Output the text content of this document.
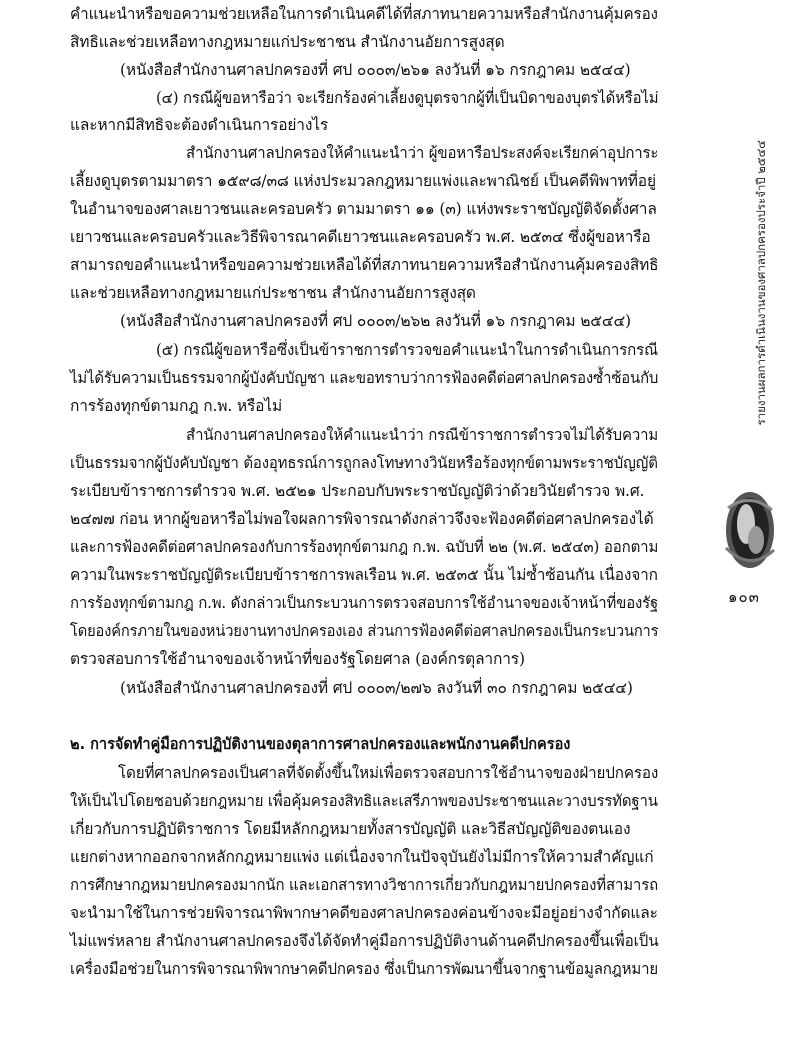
คำแนะนำหรือขอความช่วยเหลือในการดำเนินคดีได้ที่สภาทนายความหรือสำนักงานคุ้มครอง
สิทธิและช่วยเหลือทางกฎหมายแก่ประชาชน สำนักงานอัยการสูงสุด
(หนังสือสำนักงานศาลปกครองที่ ศป ๐๐๐๓/๒๖๑ ลงวันที่ ๑๖ กรกฎาคม ๒๕๔๔)
(๔) กรณีผู้ขอหารือว่า จะเรียกร้องค่าเลี้ยงดูบุตรจากผู้ที่เป็นบิดาของบุตรได้หรือไม่
และหากมีสิทธิจะต้องดำเนินการอย่างไร
สำนักงานศาลปกครองให้คำแนะนำว่า ผู้ขอหารือประสงค์จะเรียกค่าอุปการะ
เลี้ยงดูบุตรตามมาตรา ๑๕๙๘/๓๘ แห่งประมวลกฎหมายแพ่งและพาณิชย์ เป็นคดีพิพาทที่อยู่
ในอำนาจของศาลเยาวชนและครอบครัว ตามมาตรา ๑๑ (๓) แห่งพระราชบัญญัติจัดตั้งศาล
เยาวชนและครอบครัวและวิธีพิจารณาคดีเยาวชนและครอบครัว พ.ศ. ๒๕๓๔ ซึ่งผู้ขอหารือ
สามารถขอคำแนะนำหรือขอความช่วยเหลือได้ที่สภาทนายความหรือสำนักงานคุ้มครองสิทธิ
และช่วยเหลือทางกฎหมายแก่ประชาชน สำนักงานอัยการสูงสุด
(หนังสือสำนักงานศาลปกครองที่ ศป ๐๐๐๓/๒๖๒ ลงวันที่ ๑๖ กรกฎาคม ๒๕๔๔)
(๕) กรณีผู้ขอหารือซึ่งเป็นข้าราชการตำรวจขอคำแนะนำในการดำเนินการกรณี
ไม่ได้รับความเป็นธรรมจากผู้บังคับบัญชา และขอทราบว่าการฟ้องคดีต่อศาลปกครองซ้ำซ้อนกับ
การร้องทุกข์ตามกฎ ก.พ. หรือไม่
สำนักงานศาลปกครองให้คำแนะนำว่า กรณีข้าราชการตำรวจไม่ได้รับความ
เป็นธรรมจากผู้บังคับบัญชา ต้องอุทธรณ์การถูกลงโทษทางวินัยหรือร้องทุกข์ตามพระราชบัญญัติ
ระเบียบข้าราชการตำรวจ พ.ศ. ๒๕๒๑ ประกอบกับพระราชบัญญัติว่าด้วยวินัยตำรวจ พ.ศ.
๒๔๗๗ ก่อน หากผู้ขอหารือไม่พอใจผลการพิจารณาดังกล่าวจึงจะฟ้องคดีต่อศาลปกครองได้
และการฟ้องคดีต่อศาลปกครองกับการร้องทุกข์ตามกฎ ก.พ. ฉบับที่ ๒๒ (พ.ศ. ๒๕๔๓) ออกตาม
ความในพระราชบัญญัติระเบียบข้าราชการพลเรือน พ.ศ. ๒๕๓๕ นั้น ไม่ซ้ำซ้อนกัน เนื่องจาก
การร้องทุกข์ตามกฎ ก.พ. ดังกล่าวเป็นกระบวนการตรวจสอบการใช้อำนาจของเจ้าหน้าที่ของรัฐ
โดยองค์กรภายในของหน่วยงานทางปกครองเอง ส่วนการฟ้องคดีต่อศาลปกครองเป็นกระบวนการ
ตรวจสอบการใช้อำนาจของเจ้าหน้าที่ของรัฐโดยศาล (องค์กรตุลาการ)
(หนังสือสำนักงานศาลปกครองที่ ศป ๐๐๐๓/๒๗๖ ลงวันที่ ๓๐ กรกฎาคม ๒๕๔๔)
โดยที่ศาลปกครองเป็นศาลที่จัดตั้งขึ้นใหม่เพื่อตรวจสอบการใช้อำนาจของฝ่ายปกครอง
ให้เป็นไปโดยชอบด้วยกฎหมาย เพื่อคุ้มครองสิทธิและเสรีภาพของประชาชนและวางบรรทัดฐาน
เกี่ยวกับการปฏิบัติราชการ โดยมีหลักกฎหมายทั้งสารบัญญัติ และวิธีสบัญญัติของตนเอง
แยกต่างหากออกจากหลักกฎหมายแพ่ง แต่เนื่องจากในปัจจุบันยังไม่มีการให้ความสำคัญแก่
การศึกษากฎหมายปกครองมากนัก และเอกสารทางวิชาการเกี่ยวกับกฎหมายปกครองที่สามารถ
จะนำมาใช้ในการช่วยพิจารณาพิพากษาคดีของศาลปกครองค่อนข้างจะมีอยู่อย่างจำกัดและ
ไม่แพร่หลาย สำนักงานศาลปกครองจึงได้จัดทำคู่มือการปฏิบัติงานด้านคดีปกครองขึ้นเพื่อเป็น
เครื่องมือช่วยในการพิจารณาพิพากษาคดีปกครอง ซึ่งเป็นการพัฒนาขึ้นจากฐานข้อมูลกฎหมาย
๒. การจัดทำคู่มือการปฏิบัติงานของตุลาการศาลปกครองและพนักงานคดีปกครอง
รายงานผลการดำเนินงานของศาลปกครองประจำปี ๒๕๔๔
๑๐๓
